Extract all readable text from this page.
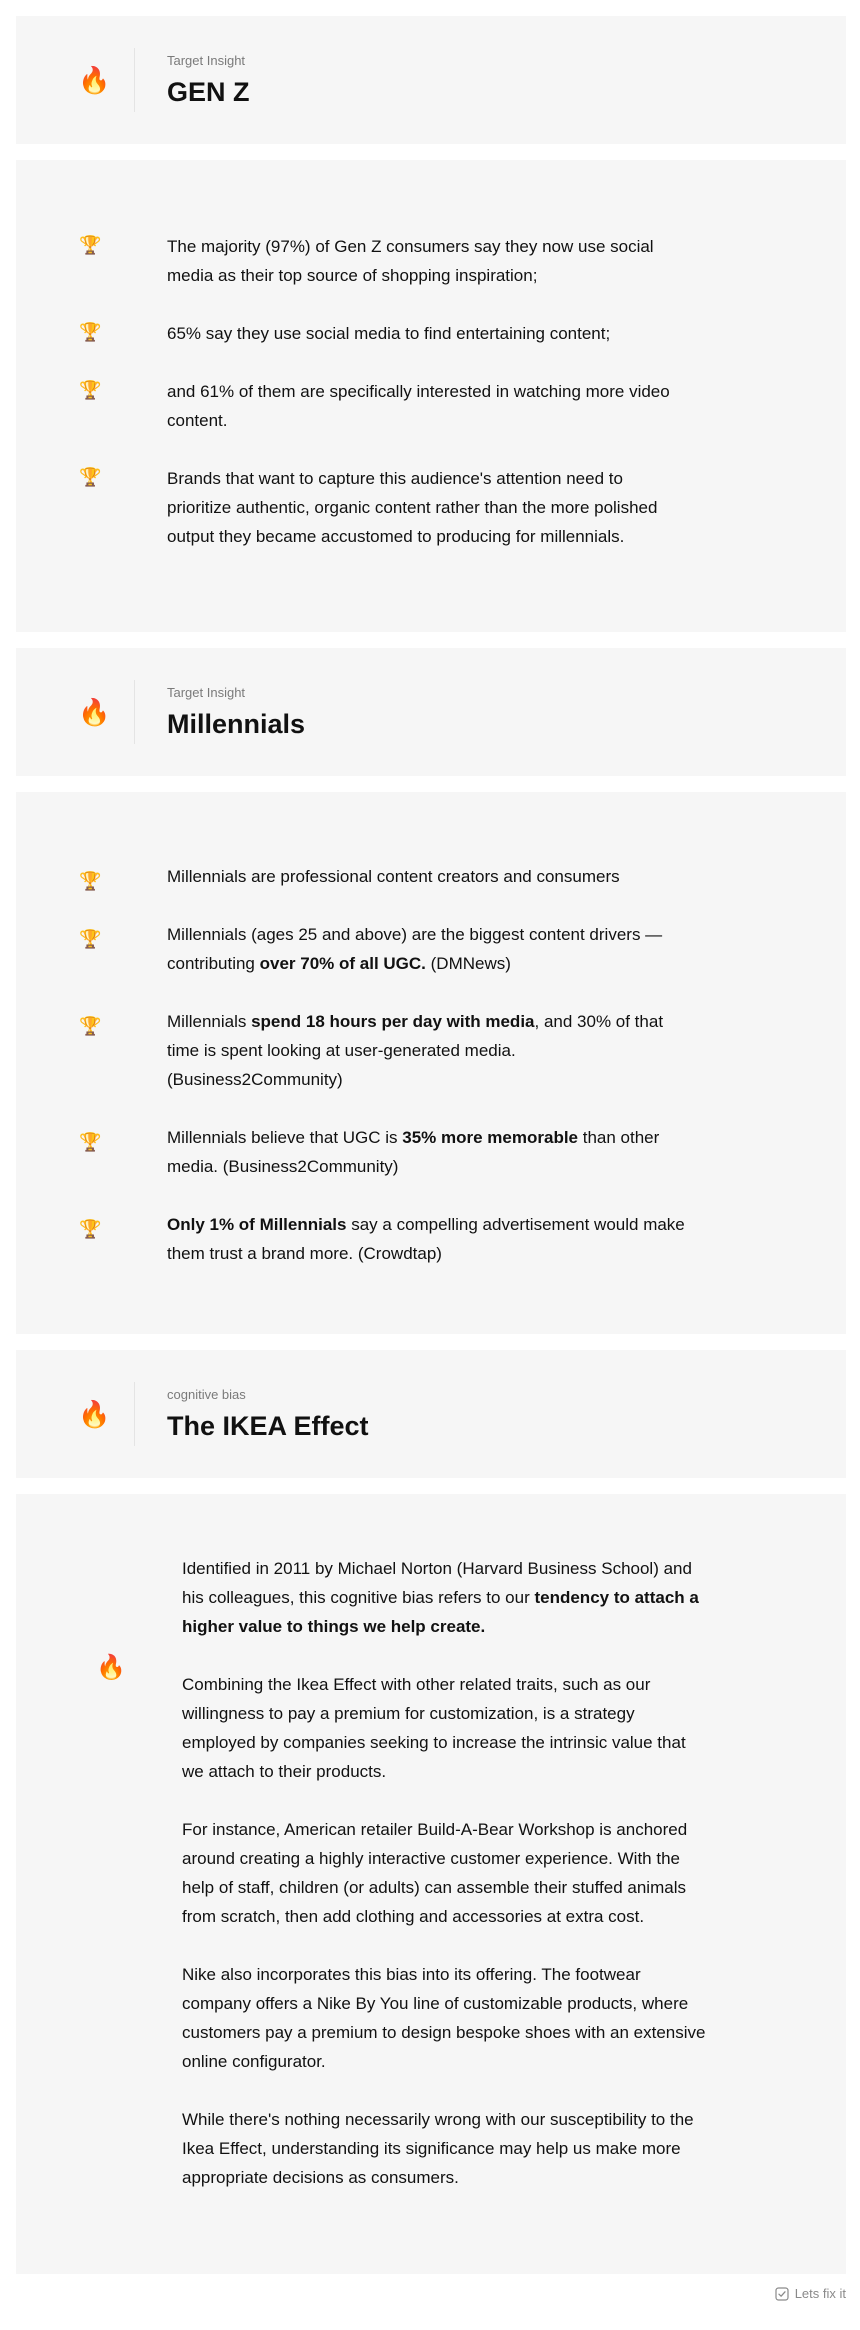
🔥
Target Insight
GEN Z
🏆	The majority (97%) of Gen Z consumers say they now use social media as their top source of shopping inspiration;
🏆	65% say they use social media to find entertaining content;
🏆	and 61% of them are specifically interested in watching more video content.
🏆	Brands that want to capture this audience's attention need to prioritize authentic, organic content rather than the more polished output they became accustomed to producing for millennials.
🔥
Target Insight
Millennials
🏆	Millennials are professional content creators and consumers
🏆	Millennials (ages 25 and above) are the biggest content drivers — contributing over 70% of all UGC. (DMNews)
🏆	Millennials spend 18 hours per day with media, and 30% of that time is spent looking at user-generated media. (Business2Community)
🏆	Millennials believe that UGC is 35% more memorable than other media. (Business2Community)
🏆	Only 1% of Millennials say a compelling advertisement would make them trust a brand more. (Crowdtap)
🔥
cognitive bias
The IKEA Effect
🔥
Identified in 2011 by Michael Norton (Harvard Business School) and his colleagues, this cognitive bias refers to our tendency to attach a higher value to things we help create.
Combining the Ikea Effect with other related traits, such as our willingness to pay a premium for customization, is a strategy employed by companies seeking to increase the intrinsic value that we attach to their products.
For instance, American retailer Build-A-Bear Workshop is anchored around creating a highly interactive customer experience. With the help of staff, children (or adults) can assemble their stuffed animals from scratch, then add clothing and accessories at extra cost.
Nike also incorporates this bias into its offering. The footwear company offers a Nike By You line of customizable products, where customers pay a premium to design bespoke shoes with an extensive online configurator.
While there's nothing necessarily wrong with our susceptibility to the Ikea Effect, understanding its significance may help us make more appropriate decisions as consumers.
Lets fix it
